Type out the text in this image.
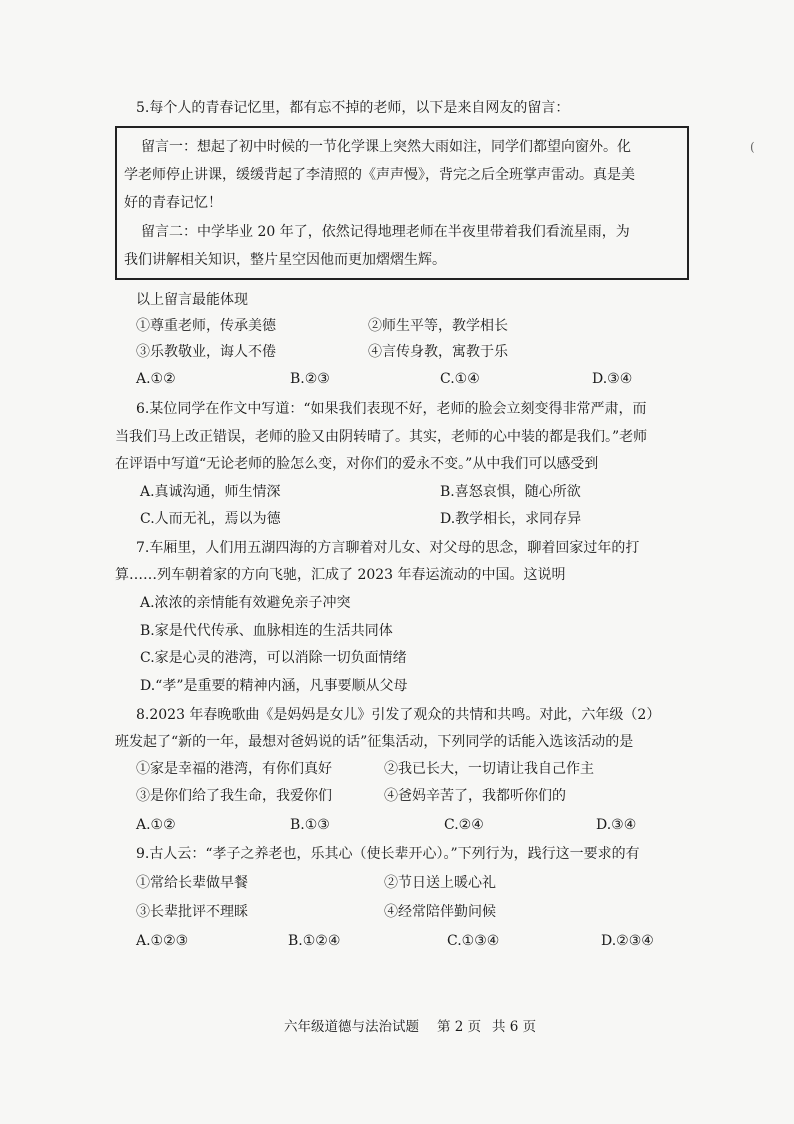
5.每个人的青春记忆里，都有忘不掉的老师，以下是来自网友的留言：
留言一：想起了初中时候的一节化学课上突然大雨如注，同学们都望向窗外。化
学老师停止讲课，缓缓背起了李清照的《声声慢》，背完之后全班掌声雷动。真是美
好的青春记忆！
留言二：中学毕业 20 年了，依然记得地理老师在半夜里带着我们看流星雨，为
我们讲解相关知识，整片星空因他而更加熠熠生辉。
以上留言最能体现
①尊重老师，传承美德	②师生平等，教学相长
③乐教敬业，诲人不倦	④言传身教，寓教于乐
A.①②	B.②③	C.①④	D.③④
6.某位同学在作文中写道：“如果我们表现不好，老师的脸会立刻变得非常严肃，而
当我们马上改正错误，老师的脸又由阴转晴了。其实，老师的心中装的都是我们。”老师
在评语中写道“无论老师的脸怎么变，对你们的爱永不变。”从中我们可以感受到
A.真诚沟通，师生情深	B.喜怒哀惧，随心所欲
C.人而无礼，焉以为德	D.教学相长，求同存异
7.车厢里，人们用五湖四海的方言聊着对儿女、对父母的思念，聊着回家过年的打
算……列车朝着家的方向飞驰，汇成了 2023 年春运流动的中国。这说明
A.浓浓的亲情能有效避免亲子冲突
B.家是代代传承、血脉相连的生活共同体
C.家是心灵的港湾，可以消除一切负面情绪
D.“孝”是重要的精神内涵，凡事要顺从父母
8.2023 年春晚歌曲《是妈妈是女儿》引发了观众的共情和共鸣。对此，六年级（2）
班发起了“新的一年，最想对爸妈说的话”征集活动，下列同学的话能入选该活动的是
①家是幸福的港湾，有你们真好	②我已长大，一切请让我自己作主
③是你们给了我生命，我爱你们	④爸妈辛苦了，我都听你们的
A.①②	B.①③	C.②④	D.③④
9.古人云：“孝子之养老也，乐其心（使长辈开心）。”下列行为，践行这一要求的有
①常给长辈做早餐	②节日送上暖心礼
③长辈批评不理睬	④经常陪伴勤问候
A.①②③	B.①②④	C.①③④	D.②③④
六年级道德与法治试题 第 2 页 共 6 页
(
